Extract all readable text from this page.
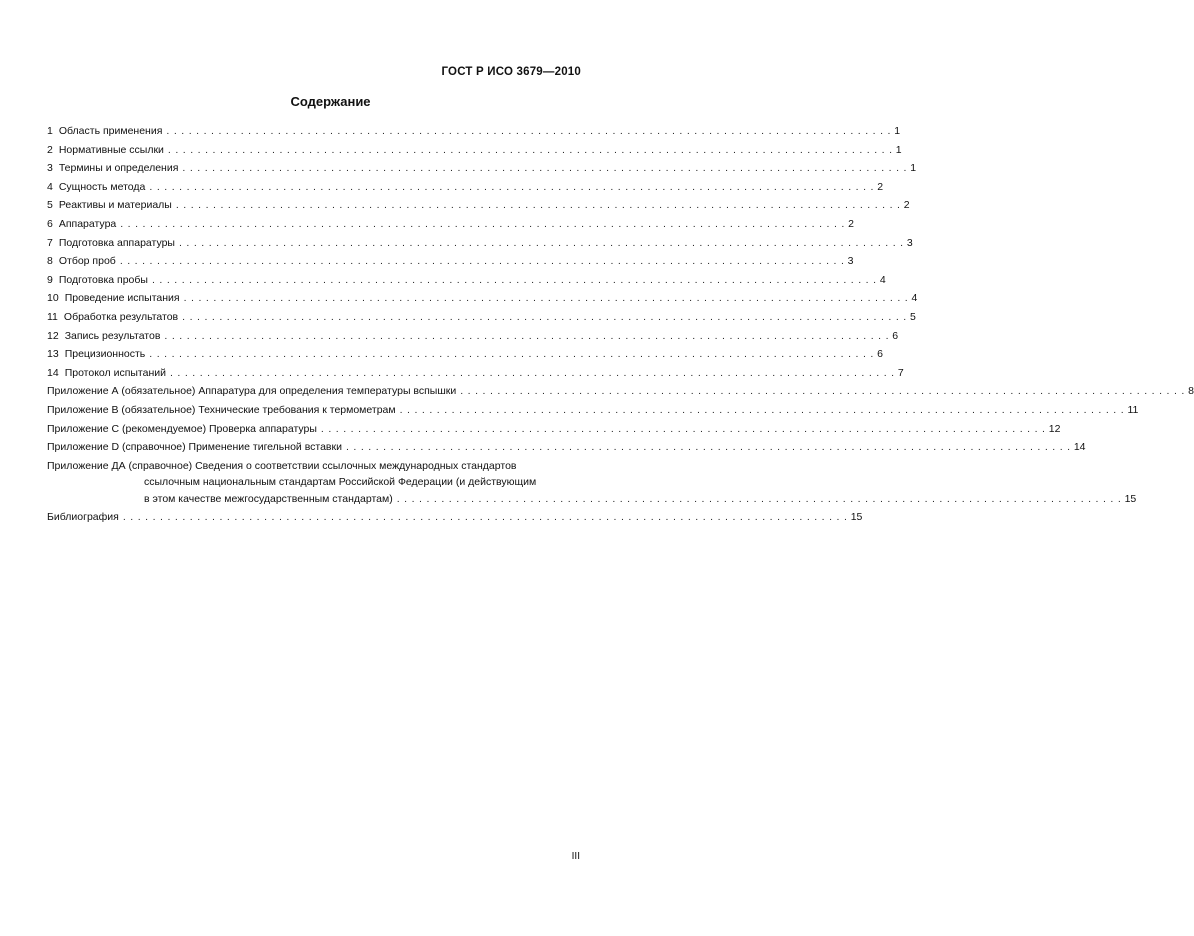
ГОСТ Р ИСО 3679—2010
Содержание
1 Область применения . . .	1
2 Нормативные ссылки . . .	1
3 Термины и определения . . .	1
4 Сущность метода . . .	2
5 Реактивы и материалы . . .	2
6 Аппаратура . . .	2
7 Подготовка аппаратуры . . .	3
8 Отбор проб . . .	3
9 Подготовка пробы . . .	4
10 Проведение испытания . . .	4
11 Обработка результатов . . .	5
12 Запись результатов . . .	6
13 Прецизионность . . .	6
14 Протокол испытаний . . .	7
Приложение А (обязательное) Аппаратура для определения температуры вспышки . . .	8
Приложение В (обязательное) Технические требования к термометрам . . .	11
Приложение С (рекомендуемое) Проверка аппаратуры . . .	12
Приложение D (справочное) Применение тигельной вставки . . .	14
Приложение ДА (справочное) Сведения о соответствии ссылочных международных стандартов
ссылочным национальным стандартам Российской Федерации (и действующим
в этом качестве межгосударственным стандартам) . . .	15
Библиография . . .	15
III
